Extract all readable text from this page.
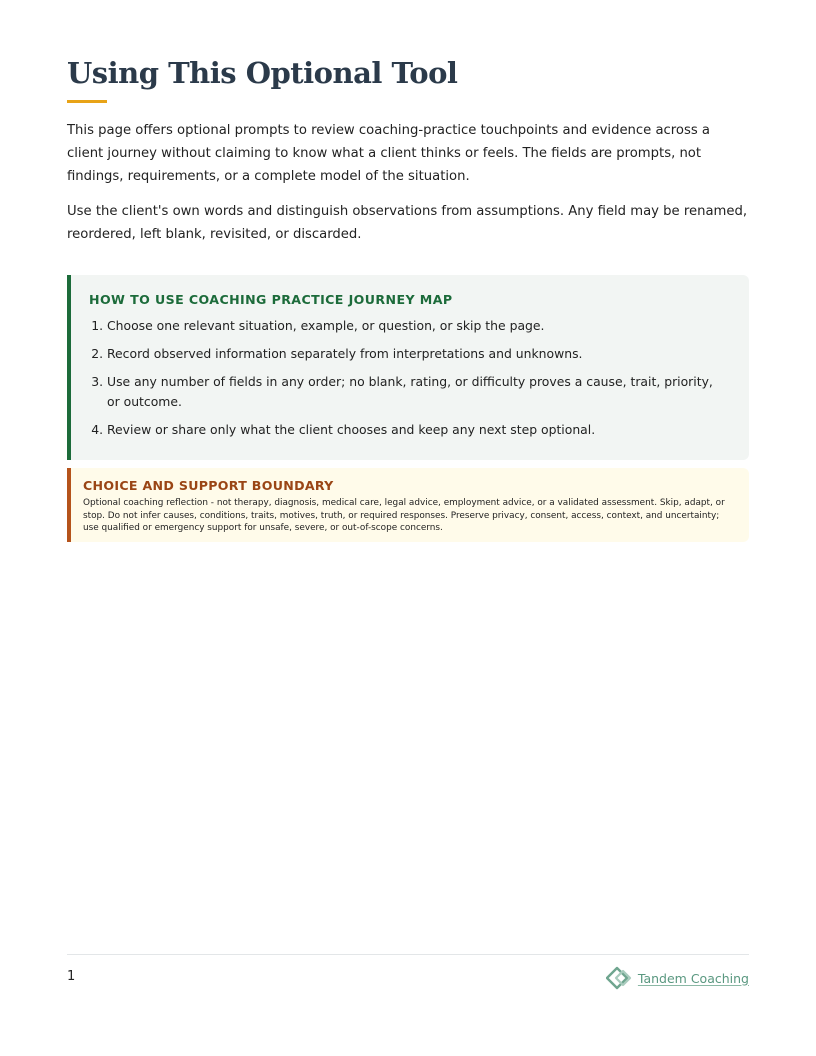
Using This Optional Tool

This page offers optional prompts to review coaching-practice touchpoints and evidence across a client journey without claiming to know what a client thinks or feels. The fields are prompts, not findings, requirements, or a complete model of the situation.

Use the client's own words and distinguish observations from assumptions. Any field may be renamed, reordered, left blank, revisited, or discarded.

HOW TO USE COACHING PRACTICE JOURNEY MAP
1. Choose one relevant situation, example, or question, or skip the page.
2. Record observed information separately from interpretations and unknowns.
3. Use any number of fields in any order; no blank, rating, or difficulty proves a cause, trait, priority, or outcome.
4. Review or share only what the client chooses and keep any next step optional.
CHOICE AND SUPPORT BOUNDARY

Optional coaching reflection - not therapy, diagnosis, medical care, legal advice, employment advice, or a validated assessment. Skip, adapt, or stop. Do not infer causes, conditions, traits, motives, truth, or required responses. Preserve privacy, consent, access, context, and uncertainty; use qualified or emergency support for unsafe, severe, or out-of-scope concerns.

1	Tandem Coaching
